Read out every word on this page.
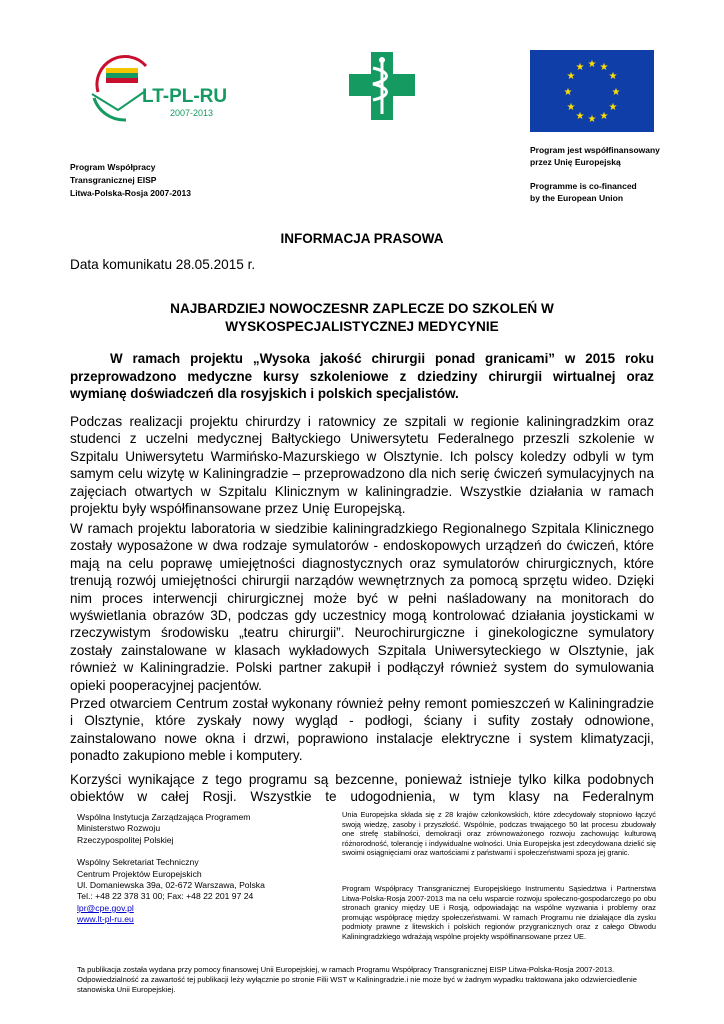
LT-PL-RU
2007-2013
★ ★
★
★
★
★
★
★
★
★
★
★
Program Współpracy
Transgranicznej EISP
Litwa-Polska-Rosja 2007-2013
Program jest współfinansowany
przez Unię Europejską
Programme is co-financed
by the European Union
INFORMACJA PRASOWA
Data komunikatu 28.05.2015 r.
NAJBARDZIEJ NOWOCZESNR ZAPLECZE DO SZKOLEŃ W
WYSKOSPECJALISTYCZNEJ MEDYCYNIE
W ramach projektu „Wysoka jakość chirurgii ponad granicami” w 2015 roku przeprowadzono medyczne kursy szkoleniowe z dziedziny chirurgii wirtualnej oraz wymianę doświadczeń dla rosyjskich i polskich specjalistów.
Podczas realizacji projektu chirurdzy i ratownicy ze szpitali w regionie kaliningradzkim oraz studenci z uczelni medycznej Bałtyckiego Uniwersytetu Federalnego przeszli szkolenie w Szpitalu Uniwersytetu Warmińsko-Mazurskiego w Olsztynie. Ich polscy koledzy odbyli w tym samym celu wizytę w Kaliningradzie – przeprowadzono dla nich serię ćwiczeń symulacyjnych na zajęciach otwartych w Szpitalu Klinicznym w kaliningradzie. Wszystkie działania w ramach projektu były współfinansowane przez Unię Europejską.
W ramach projektu laboratoria w siedzibie kaliningradzkiego Regionalnego Szpitala Klinicznego zostały wyposażone w dwa rodzaje symulatorów - endoskopowych urządzeń do ćwiczeń, które mają na celu poprawę umiejętności diagnostycznych oraz symulatorów chirurgicznych, które trenują rozwój umiejętności chirurgii narządów wewnętrznych za pomocą sprzętu wideo. Dzięki nim proces interwencji chirurgicznej może być w pełni naśladowany na monitorach do wyświetlania obrazów 3D, podczas gdy uczestnicy mogą kontrolować działania joystickami w rzeczywistym środowisku „teatru chirurgii”. Neurochirurgiczne i ginekologiczne symulatory zostały zainstalowane w klasach wykładowych Szpitala Uniwersyteckiego w Olsztynie, jak również w Kaliningradzie. Polski partner zakupił i podłączył również system do symulowania opieki pooperacyjnej pacjentów.
Przed otwarciem Centrum został wykonany również pełny remont pomieszczeń w Kaliningradzie i Olsztynie, które zyskały nowy wygląd - podłogi, ściany i sufity zostały odnowione, zainstalowano nowe okna i drzwi, poprawiono instalacje elektryczne i system klimatyzacji, ponadto zakupiono meble i komputery.
Korzyści wynikające z tego programu są bezcenne, ponieważ istnieje tylko kilka podobnych
obiektów w całej Rosji. Wszystkie te udogodnienia, w tym klasy na Federalnym
Wspólna Instytucja Zarządzająca Programem
Ministerstwo Rozwoju
Rzeczypospolitej Polskiej
Wspólny Sekretariat Techniczny
Centrum Projektów Europejskich
Ul. Domaniewska 39a, 02-672 Warszawa, Polska
Tel.: +48 22 378 31 00; Fax: +48 22 201 97 24
lpr@cpe.gov.pl
www.lt-pl-ru.eu
Unia Europejska składa się z 28 krajów członkowskich, które zdecydowały stopniowo łączyć swoją wiedzę, zasoby i przyszłość. Wspólnie, podczas trwającego 50 lat procesu zbudowały one strefę stabilności, demokracji oraz zrównoważonego rozwoju zachowując kulturową różnorodność, tolerancję i indywidualne wolności. Unia Europejska jest zdecydowana dzielić się swoimi osiągnięciami oraz wartościami z państwami i społeczeństwami spoza jej granic.
Program Współpracy Transgranicznej Europejskiego Instrumentu Sąsiedztwa i Partnerstwa Litwa-Polska-Rosja 2007-2013 ma na celu wsparcie rozwoju społeczno-gospodarczego po obu stronach granicy między UE i Rosją, odpowiadając na wspólne wyzwania i problemy oraz promując współpracę między społeczeństwami. W ramach Programu nie działające dla zysku podmioty prawne z litewskich i polskich regionów przygranicznych oraz z całego Obwodu Kaliningradzkiego wdrażają wspólne projekty współfinansowane przez UE.
Ta publikacja została wydana przy pomocy finansowej Unii Europejskiej, w ramach Programu Współpracy Transgranicznej EISP Litwa-Polska-Rosja 2007-2013. Odpowiedzialność za zawartość tej publikacji leży wyłącznie po stronie Filii WST w Kaliningradzie.i nie może być w żadnym wypadku traktowana jako odzwierciedlenie stanowiska Unii Europejskiej.
